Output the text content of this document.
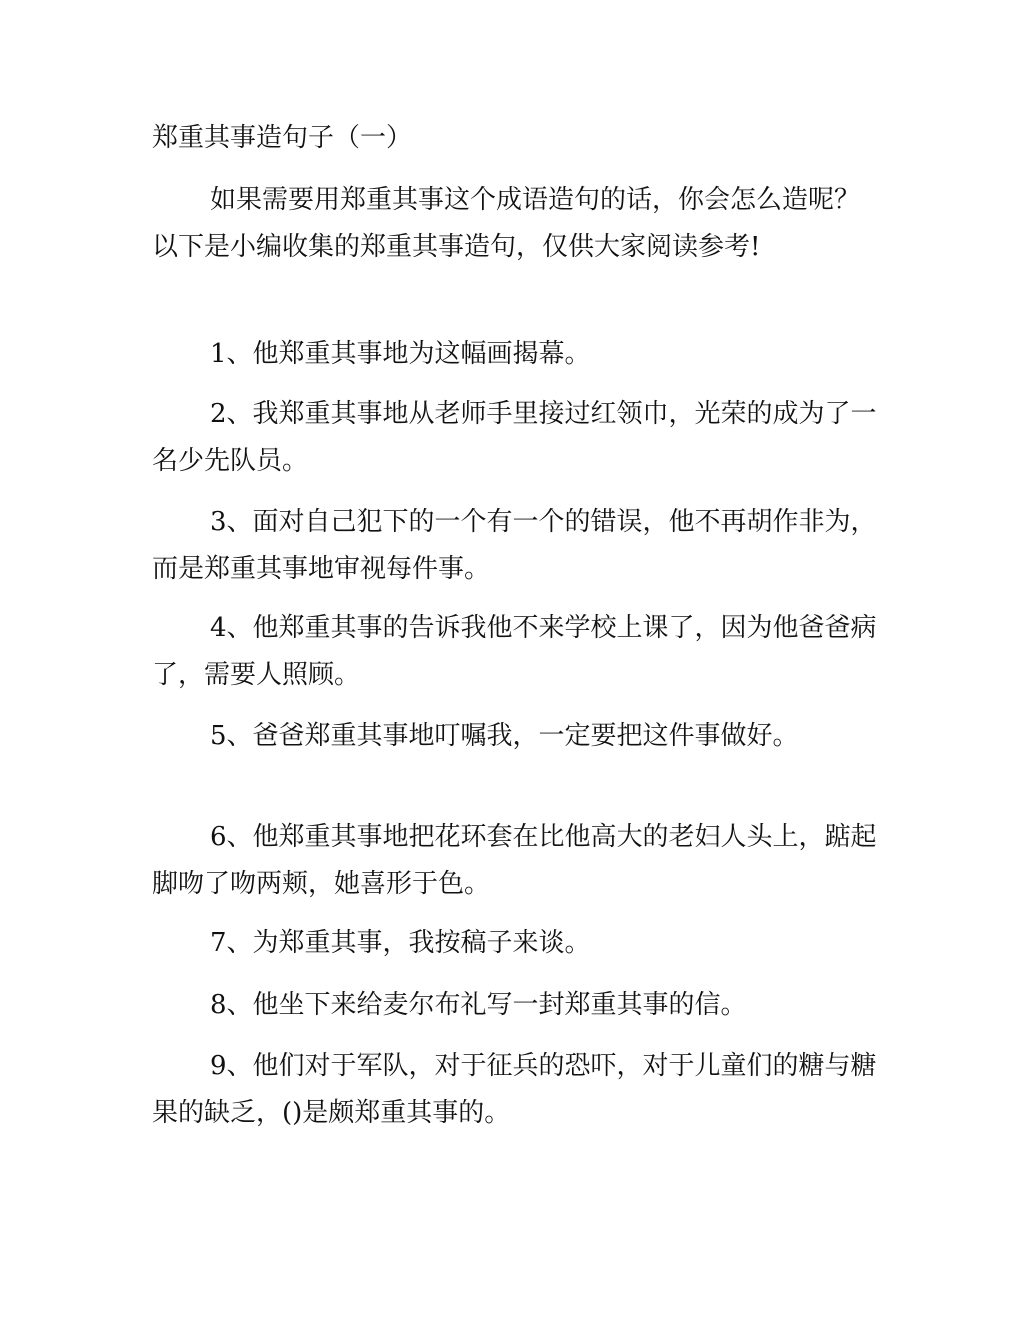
郑重其事造句子（一）

如果需要用郑重其事这个成语造句的话，你会怎么造呢？以下是小编收集的郑重其事造句，仅供大家阅读参考!

1、他郑重其事地为这幅画揭幕。

2、我郑重其事地从老师手里接过红领巾，光荣的成为了一名少先队员。

3、面对自己犯下的一个有一个的错误，他不再胡作非为，而是郑重其事地审视每件事。

4、他郑重其事的告诉我他不来学校上课了，因为他爸爸病了，需要人照顾。

5、爸爸郑重其事地叮嘱我，一定要把这件事做好。

6、他郑重其事地把花环套在比他高大的老妇人头上，踮起脚吻了吻两颊，她喜形于色。

7、为郑重其事，我按稿子来谈。

8、他坐下来给麦尔布礼写一封郑重其事的信。

9、他们对于军队，对于征兵的恐吓，对于儿童们的糖与糖果的缺乏，()是颇郑重其事的。
